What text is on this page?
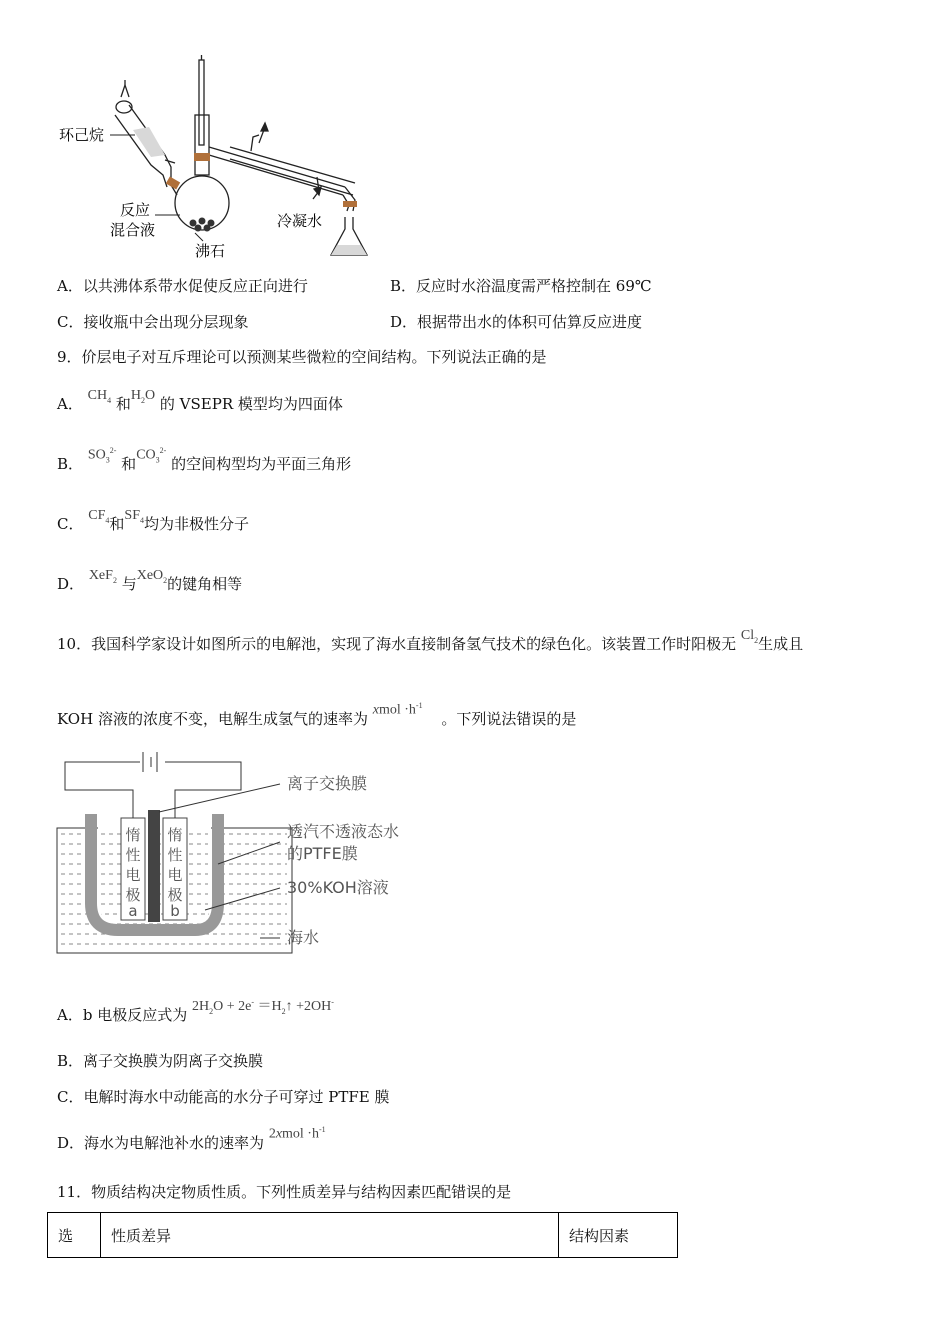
环己烷
反应
混合液
沸石
冷凝水
A．以共沸体系带水促使反应正向进行	B．反应时水浴温度需严格控制在 69℃
C．接收瓶中会出现分层现象	D．根据带出水的体积可估算反应进度
9．价层电子对互斥理论可以预测某些微粒的空间结构。下列说法正确的是
A． $CH_4$ 和$H_2O$ 的 VSEPR 模型均为四面体
B． $SO_3^{2-}$ 和$CO_3^{2-}$ 的空间构型均为平面三角形
C． $CF_4$和$SF_4$均为非极性分子
D． XeF$_2$ 与XeO$_2$的键角相等
10．我国科学家设计如图所示的电解池，实现了海水直接制备氢气技术的绿色化。该装置工作时阳极无 $Cl_2$生成且
KOH 溶液的浓度不变，电解生成氢气的速率为 xmol $\cdot h^{-1}$ 。下列说法错误的是
惰
性
电
极
a
惰
性
电
极
b
离子交换膜
透汽不透液态水
的PTFE膜
30%KOH溶液
海水
A．b 电极反应式为 $2H_2O + 2e^-$ $=H_2↑ +2OH^-$
B．离子交换膜为阴离子交换膜
C．电解时海水中动能高的水分子可穿过 PTFE 膜
D．海水为电解池补水的速率为 2xmol $\cdot h^{-1}$
11．物质结构决定物质性质。下列性质差异与结构因素匹配错误的是
选	性质差异	结构因素
